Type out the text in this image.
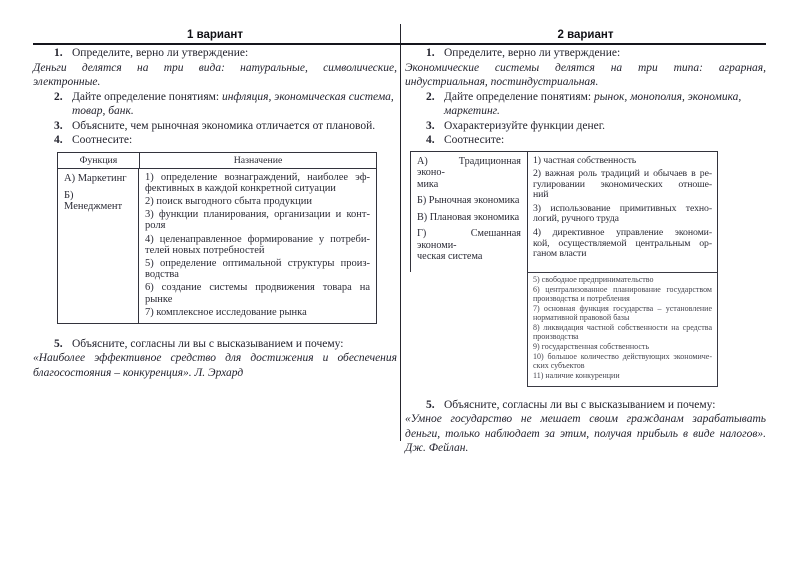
1 вариант
1. Определите, верно ли утверждение:
Деньги делятся на три вида: натуральные, символические,
электронные.
2. Дайте определение понятиям: инфляция, экономическая система, товар, банк.
3. Объясните, чем рыночная экономика отличается от плановой.
4. Соотнесите:
Функция	Назначение
А) Маркетинг
Б) Менеджмент
1) определение вознаграждений, наиболее эф-
фективных в каждой конкретной ситуации
2) поиск выгодного сбыта продукции
3) функции планирования, организации и конт-
роля
4) целенаправленное формирование у потреби-
телей новых потребностей
5) определение оптимальной структуры произ-
водства
6) создание системы продвижения товара на
рынке
7) комплексное исследование рынка
5. Объясните, согласны ли вы с высказыванием и почему:
«Наиболее эффективное средство для достижения и обеспечения
благосостояния – конкуренция». Л. Эрхард
2 вариант
1. Определите, верно ли утверждение:
Экономические системы делятся на три типа: аграрная,
индустриальная, постиндустриальная.
2. Дайте определение понятиям: рынок, монополия, экономика, маркетинг.
3. Охарактеризуйте функции денег.
4. Соотнесите:
А) Традиционная эконо-
мика
Б) Рыночная экономика
В) Плановая экономика
Г) Смешанная экономи-
ческая система
1) частная собственность
2) важная роль традиций и обычаев в ре-
гулировании экономических отноше-
ний
3) использование примитивных техно-
логий, ручного труда
4) директивное управление экономи-
кой, осуществляемой центральным ор-
ганом власти
5) свободное предпринимательство
6) централизованное планирование государством
производства и потребления
7) основная функция государства – установление
нормативной правовой базы
8) ликвидация частной собственности на средства
производства
9) государственная собственность
10) большое количество действующих экономиче-
ских субъектов
11) наличие конкуренции
5. Объясните, согласны ли вы с высказыванием и почему:
«Умное государство не мешает своим гражданам зарабатывать
деньги, только наблюдает за этим, получая прибыль в виде налогов».
Дж. Фейлан.
